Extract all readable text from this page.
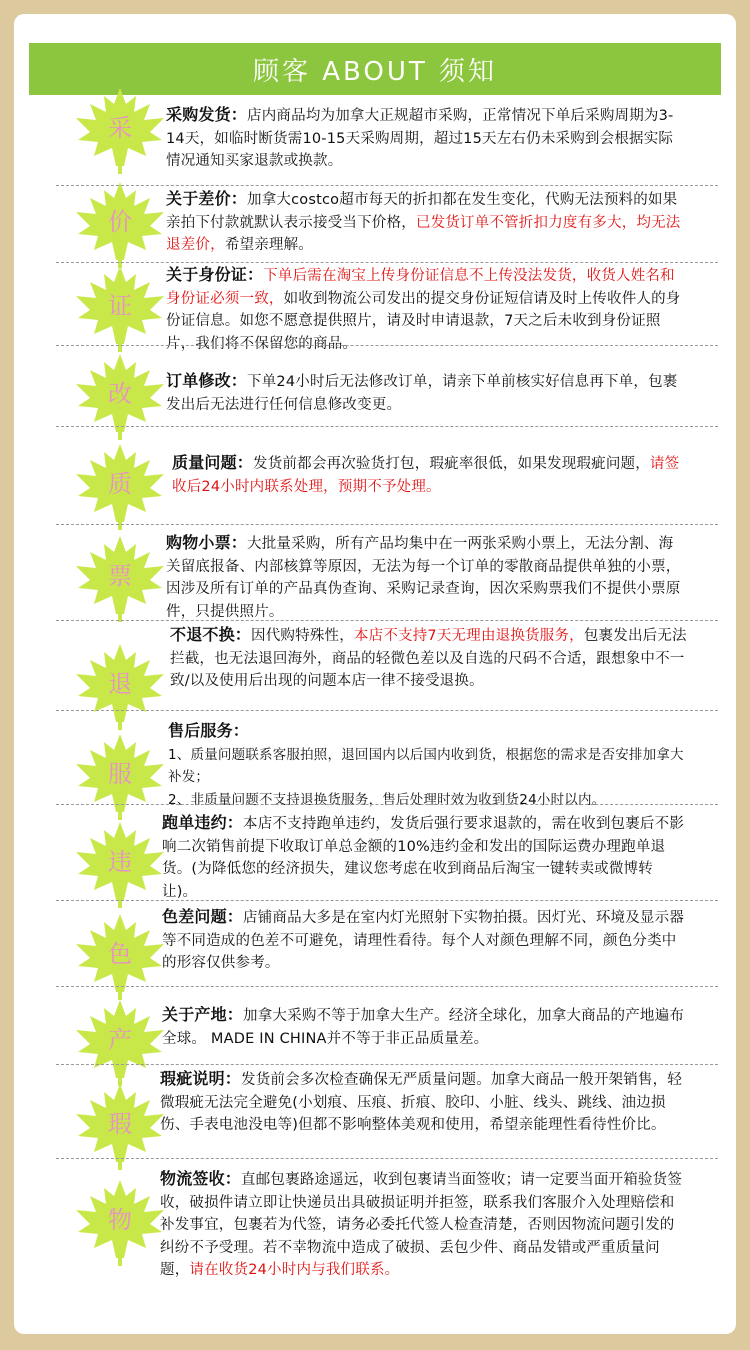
顾客 ABOUT 须知
采	采购发货：店内商品均为加拿大正规超市采购，正常情况下单后采购周期为3-14天，如临时断货需10-15天采购周期，超过15天左右仍未采购到会根据实际情况通知买家退款或换款。
价
关于差价：加拿大costco超市每天的折扣都在发生变化，代购无法预料的如果亲拍下付款就默认表示接受当下价格，已发货订单不管折扣力度有多大，均无法退差价，希望亲理解。
证
关于身份证：下单后需在淘宝上传身份证信息不上传没法发货，收货人姓名和身份证必须一致，如收到物流公司发出的提交身份证短信请及时上传收件人的身份证信息。如您不愿意提供照片，请及时申请退款，7天之后未收到身份证照片，我们将不保留您的商品。
改	订单修改：下单24小时后无法修改订单，请亲下单前核实好信息再下单，包裹发出后无法进行任何信息修改变更。
质
质量问题：发货前都会再次验货打包，瑕疵率很低，如果发现瑕疵问题，请签收后24小时内联系处理，预期不予处理。
票
购物小票：大批量采购，所有产品均集中在一两张采购小票上，无法分割、海关留底报备、内部核算等原因，无法为每一个订单的零散商品提供单独的小票，因涉及所有订单的产品真伪查询、采购记录查询，因次采购票我们不提供小票原件，只提供照片。
退
不退不换：因代购特殊性，本店不支持7天无理由退换货服务，包裹发出后无法拦截，也无法退回海外，商品的轻微色差以及自选的尺码不合适，跟想象中不一致/以及使用后出现的问题本店一律不接受退换。
服
售后服务：
1、质量问题联系客服拍照，退回国内以后国内收到货，根据您的需求是否安排加拿大补发；
2、非质量问题不支持退换货服务，售后处理时效为收到货24小时以内。
违
跑单违约：本店不支持跑单违约，发货后强行要求退款的，需在收到包裹后不影响二次销售前提下收取订单总金额的10%违约金和发出的国际运费办理跑单退货。(为降低您的经济损失，建议您考虑在收到商品后淘宝一键转卖或微博转让)。
色
色差问题：店铺商品大多是在室内灯光照射下实物拍摄。因灯光、环境及显示器等不同造成的色差不可避免，请理性看待。每个人对颜色理解不同，颜色分类中的形容仅供参考。
产
关于产地：加拿大采购不等于加拿大生产。经济全球化，加拿大商品的产地遍布全球。 MADE IN CHINA并不等于非正品质量差。
瑕
瑕疵说明：发货前会多次检查确保无严质量问题。加拿大商品一般开架销售，轻微瑕疵无法完全避免(小划痕、压痕、折痕、胶印、小脏、线头、跳线、油边损伤、手表电池没电等)但都不影响整体美观和使用，希望亲能理性看待性价比。
物
物流签收：直邮包裹路途遥远，收到包裹请当面签收；请一定要当面开箱验货签收，破损件请立即让快递员出具破损证明并拒签，联系我们客服介入处理赔偿和补发事宜，包裹若为代签，请务必委托代签人检查清楚，否则因物流问题引发的纠纷不予受理。若不幸物流中造成了破损、丢包少件、商品发错或严重质量问题，请在收货24小时内与我们联系。
